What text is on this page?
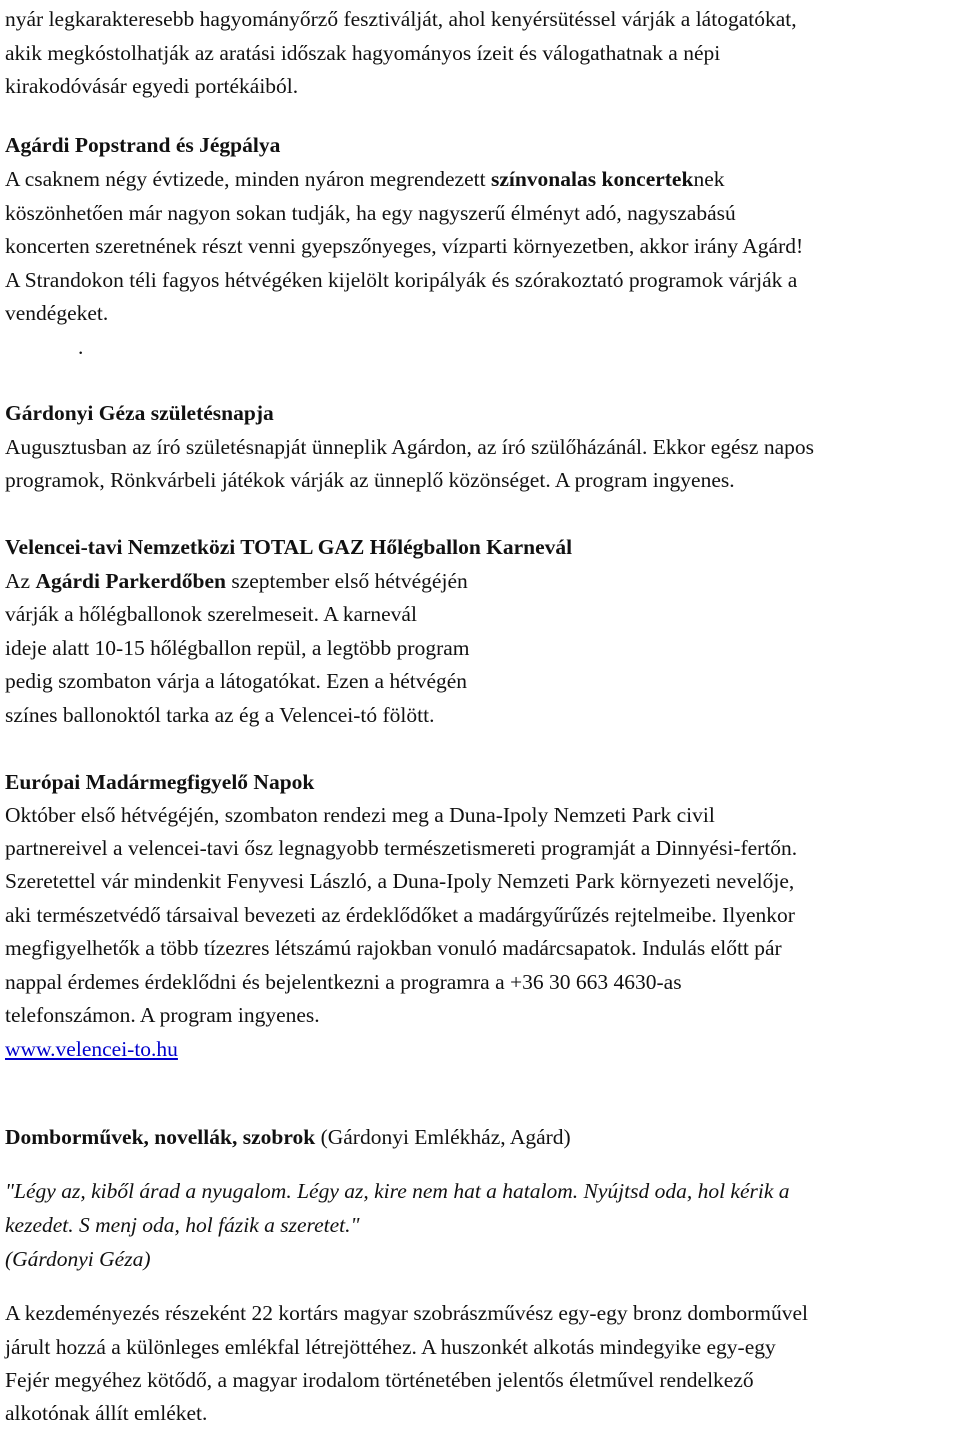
nyár legkarakteresebb hagyományőrző fesztiválját, ahol kenyérsütéssel várják a látogatókat,
akik megkóstolhatják az aratási időszak hagyományos ízeit és válogathatnak a népi
kirakodóvásár egyedi portékáiból.
Agárdi Popstrand és Jégpálya
A csaknem négy évtizede, minden nyáron megrendezett színvonalas koncerteknek
köszönhetően már nagyon sokan tudják, ha egy nagyszerű élményt adó, nagyszabású
koncerten szeretnének részt venni gyepszőnyeges, vízparti környezetben, akkor irány Agárd!
A Strandokon téli fagyos hétvégéken kijelölt koripályák és szórakoztató programok várják a
vendégeket.
.
Gárdonyi Géza születésnapja
Augusztusban az író születésnapját ünneplik Agárdon, az író szülőházánál. Ekkor egész napos
programok, Rönkvárbeli játékok várják az ünneplő közönséget. A program ingyenes.
Velencei-tavi Nemzetközi TOTAL GAZ Hőlégballon Karnevál
Az Agárdi Parkerdőben szeptember első hétvégéjén
várják a hőlégballonok szerelmeseit. A karnevál
ideje alatt 10-15 hőlégballon repül, a legtöbb program
pedig szombaton várja a látogatókat. Ezen a hétvégén
színes ballonoktól tarka az ég a Velencei-tó fölött.
Európai Madármegfigyelő Napok
Október első hétvégéjén, szombaton rendezi meg a Duna-Ipoly Nemzeti Park civil
partnereivel a velencei-tavi ősz legnagyobb természetismereti programját a Dinnyési-fertőn.
Szeretettel vár mindenkit Fenyvesi László, a Duna-Ipoly Nemzeti Park környezeti nevelője,
aki természetvédő társaival bevezeti az érdeklődőket a madárgyűrűzés rejtelmeibe. Ilyenkor
megfigyelhetők a több tízezres létszámú rajokban vonuló madárcsapatok. Indulás előtt pár
nappal érdemes érdeklődni és bejelentkezni a programra a +36 30 663 4630-as
telefonszámon. A program ingyenes.
www.velencei-to.hu
Domborművek, novellák, szobrok (Gárdonyi Emlékház, Agárd)
"Légy az, kiből árad a nyugalom. Légy az, kire nem hat a hatalom. Nyújtsd oda, hol kérik a
kezedet. S menj oda, hol fázik a szeretet."
(Gárdonyi Géza)
A kezdeményezés részeként 22 kortárs magyar szobrászművész egy-egy bronz domborművel
járult hozzá a különleges emlékfal létrejöttéhez. A huszonkét alkotás mindegyike egy-egy
Fejér megyéhez kötődő, a magyar irodalom történetében jelentős életművel rendelkező
alkotónak állít emléket.
